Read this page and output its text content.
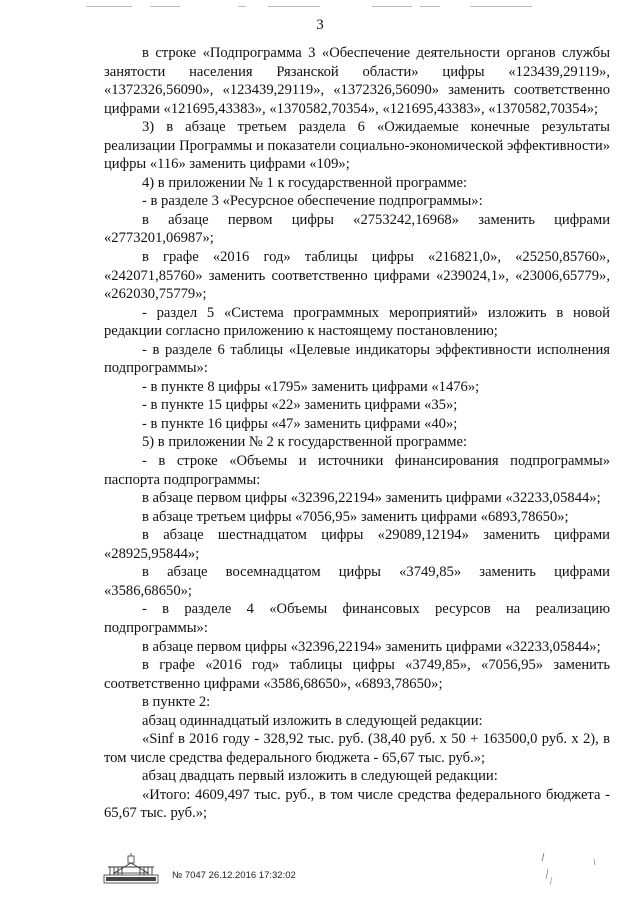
3

в строке «Подпрограмма 3 «Обеспечение деятельности органов службы занятости населения Рязанской области» цифры «123439,29119», «1372326,56090», «123439,29119», «1372326,56090» заменить соответственно цифрами «121695,43383», «1370582,70354», «121695,43383», «1370582,70354»;

3) в абзаце третьем раздела 6 «Ожидаемые конечные результаты реализации Программы и показатели социально-экономической эффективности» цифры «116» заменить цифрами «109»;

4) в приложении № 1 к государственной программе:

- в разделе 3 «Ресурсное обеспечение подпрограммы»:

в абзаце первом цифры «2753242,16968» заменить цифрами «2773201,06987»;

в графе «2016 год» таблицы цифры «216821,0», «25250,85760», «242071,85760» заменить соответственно цифрами «239024,1», «23006,65779», «262030,75779»;

- раздел 5 «Система программных мероприятий» изложить в новой редакции согласно приложению к настоящему постановлению;

- в разделе 6 таблицы «Целевые индикаторы эффективности исполнения подпрограммы»:

- в пункте 8 цифры «1795» заменить цифрами «1476»;

- в пункте 15 цифры «22» заменить цифрами «35»;

- в пункте 16 цифры «47» заменить цифрами «40»;

5) в приложении № 2 к государственной программе:

- в строке «Объемы и источники финансирования подпрограммы» паспорта подпрограммы:

в абзаце первом цифры «32396,22194» заменить цифрами «32233,05844»;

в абзаце третьем цифры «7056,95» заменить цифрами «6893,78650»;

в абзаце шестнадцатом цифры «29089,12194» заменить цифрами «28925,95844»;

в абзаце восемнадцатом цифры «3749,85» заменить цифрами «3586,68650»;

- в разделе 4 «Объемы финансовых ресурсов на реализацию подпрограммы»:

в абзаце первом цифры «32396,22194» заменить цифрами «32233,05844»;

в графе «2016 год» таблицы цифры «3749,85», «7056,95» заменить соответственно цифрами «3586,68650», «6893,78650»;

в пункте 2:

абзац одиннадцатый изложить в следующей редакции:

«Sinf в 2016 году - 328,92 тыс. руб. (38,40 руб. x 50 + 163500,0 руб. x 2), в том числе средства федерального бюджета - 65,67 тыс. руб.»;

абзац двадцать первый изложить в следующей редакции:

«Итого: 4609,497 тыс. руб., в том числе средства федерального бюджета - 65,67 тыс. руб.»;

№ 7047 26.12.2016 17:32:02
